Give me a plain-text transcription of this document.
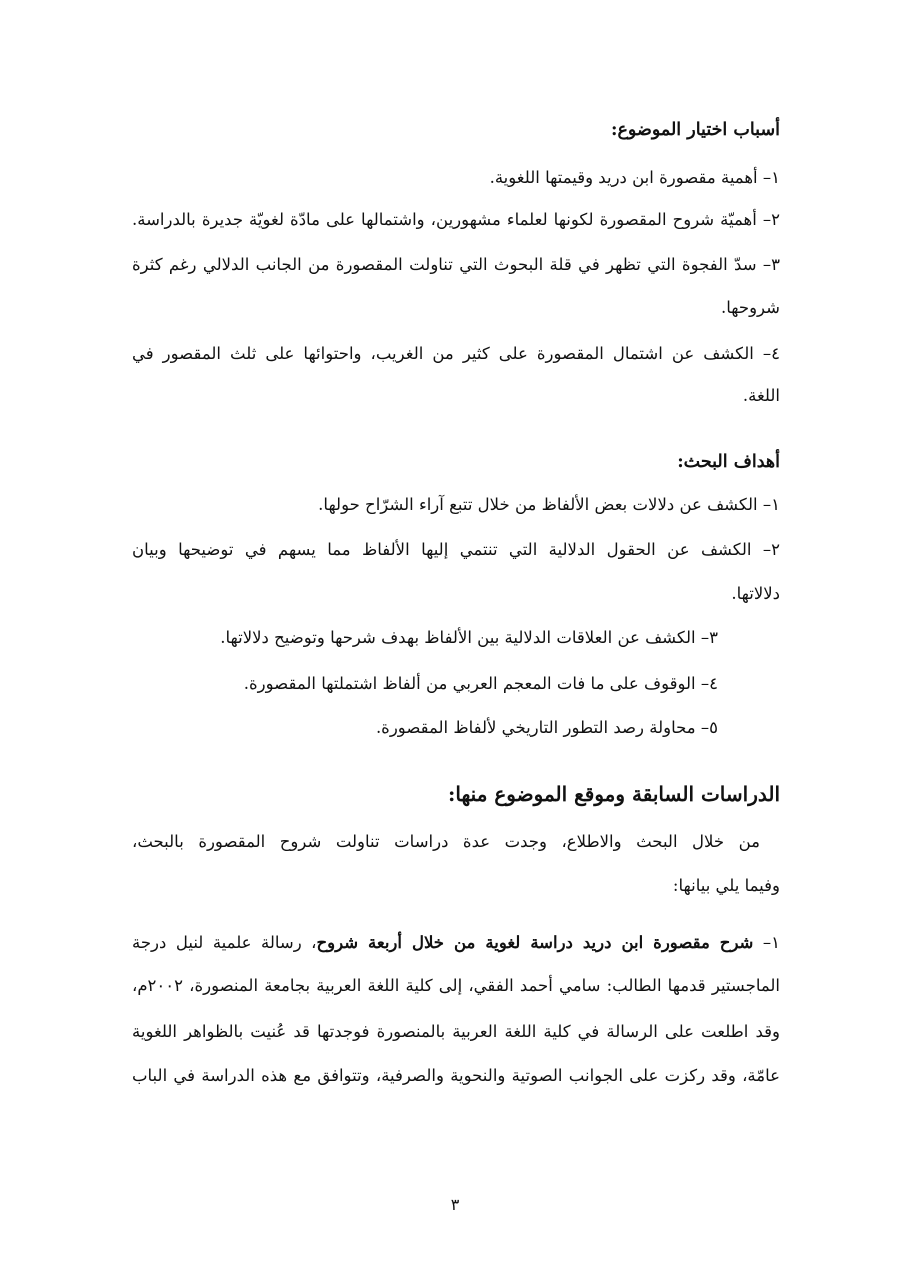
أسباب اختيار الموضوع:

١– أهمية مقصورة ابن دريد وقيمتها اللغوية.

٢– أهميّة شروح المقصورة لكونها لعلماء مشهورين، واشتمالها على مادّة لغويّة جديرة بالدراسة.

٣– سدّ الفجوة التي تظهر في قلة البحوث التي تناولت المقصورة من الجانب الدلالي رغم كثرة

شروحها.

٤– الكشف عن اشتمال المقصورة على كثير من الغريب، واحتوائها على ثلث المقصور في

اللغة.

أهداف البحث:

١– الكشف عن دلالات بعض الألفاظ من خلال تتبع آراء الشرّاح حولها.

٢– الكشف عن الحقول الدلالية التي تنتمي إليها الألفاظ مما يسهم في توضيحها وبيان

دلالاتها.

٣– الكشف عن العلاقات الدلالية بين الألفاظ بهدف شرحها وتوضيح دلالاتها.

٤– الوقوف على ما فات المعجم العربي من ألفاظ اشتملتها المقصورة.

٥– محاولة رصد التطور التاريخي لألفاظ المقصورة.

الدراسات السابقة وموقع الموضوع منها:

من خلال البحث والاطلاع، وجدت عدة دراسات تناولت شروح المقصورة بالبحث،

وفيما يلي بيانها:

١– شرح مقصورة ابن دريد دراسة لغوية من خلال أربعة شروح، رسالة علمية لنيل درجة

الماجستير قدمها الطالب: سامي أحمد الفقي، إلى كلية اللغة العربية بجامعة المنصورة، ٢٠٠٢م،

وقد اطلعت على الرسالة في كلية اللغة العربية بالمنصورة فوجدتها قد عُنيت بالظواهر اللغوية

عامّة، وقد ركزت على الجوانب الصوتية والنحوية والصرفية، وتتوافق مع هذه الدراسة في الباب

٣
